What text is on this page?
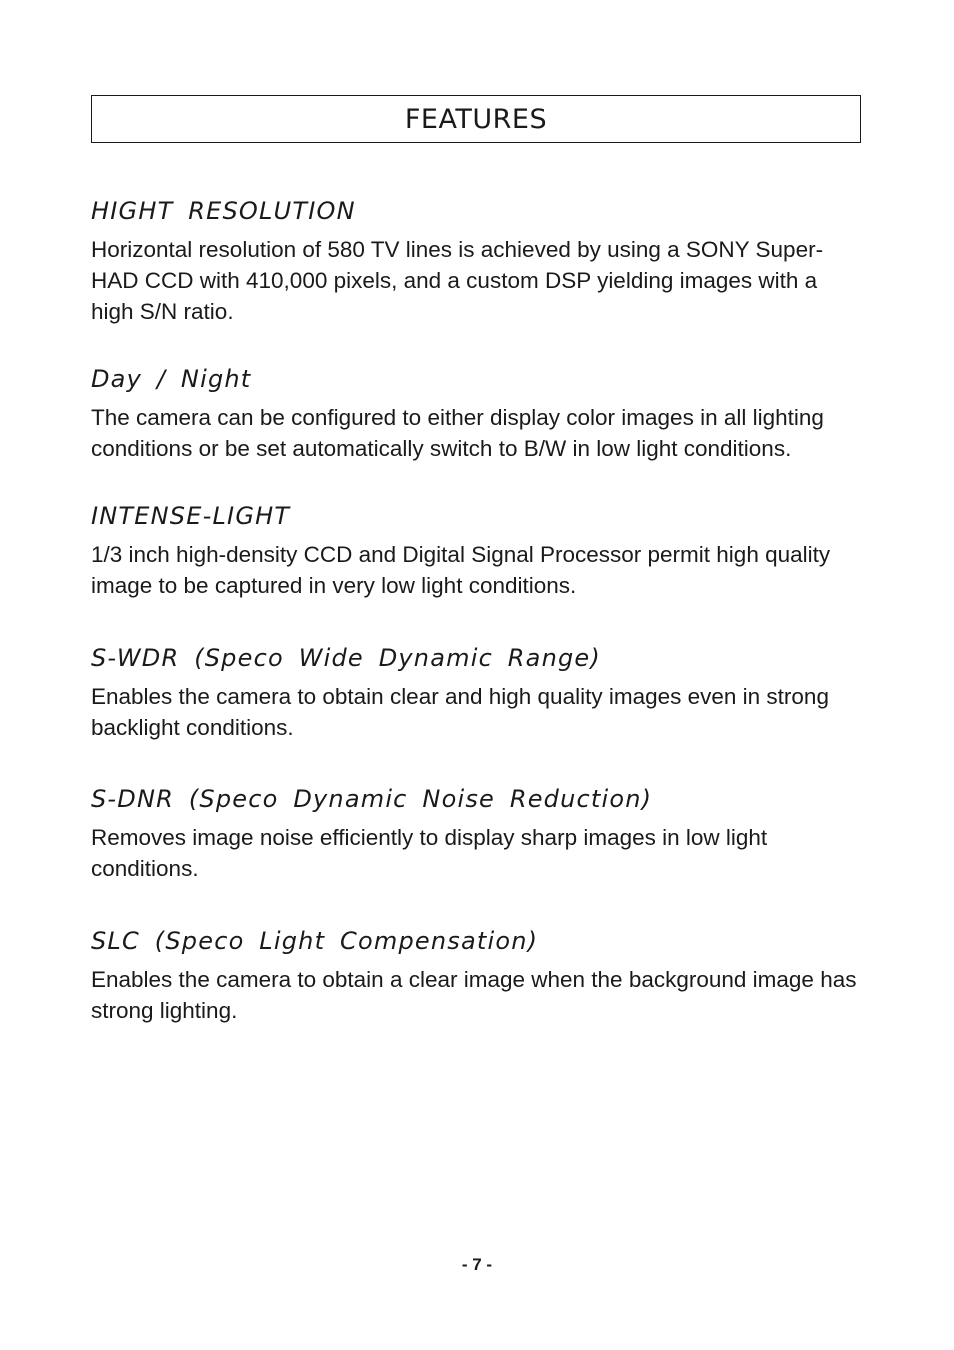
FEATURES
HIGHT RESOLUTION

Horizontal resolution of 580 TV lines is achieved by using a SONY Super-HAD CCD with 410,000 pixels, and a custom DSP yielding images with a high S/N ratio.

Day / Night

The camera can be configured to either display color images in all lighting conditions or be set automatically switch to B/W in low light conditions.

INTENSE-LIGHT

1/3 inch high-density CCD and Digital Signal Processor permit high quality image to be captured in very low light conditions.

S-WDR (Speco Wide Dynamic Range)

Enables the camera to obtain clear and high quality images even in strong backlight conditions.

S-DNR (Speco Dynamic Noise Reduction)

Removes image noise efficiently to display sharp images in low light conditions.

SLC (Speco Light Compensation)

Enables the camera to obtain a clear image when the background image has strong lighting.

- 7 -
